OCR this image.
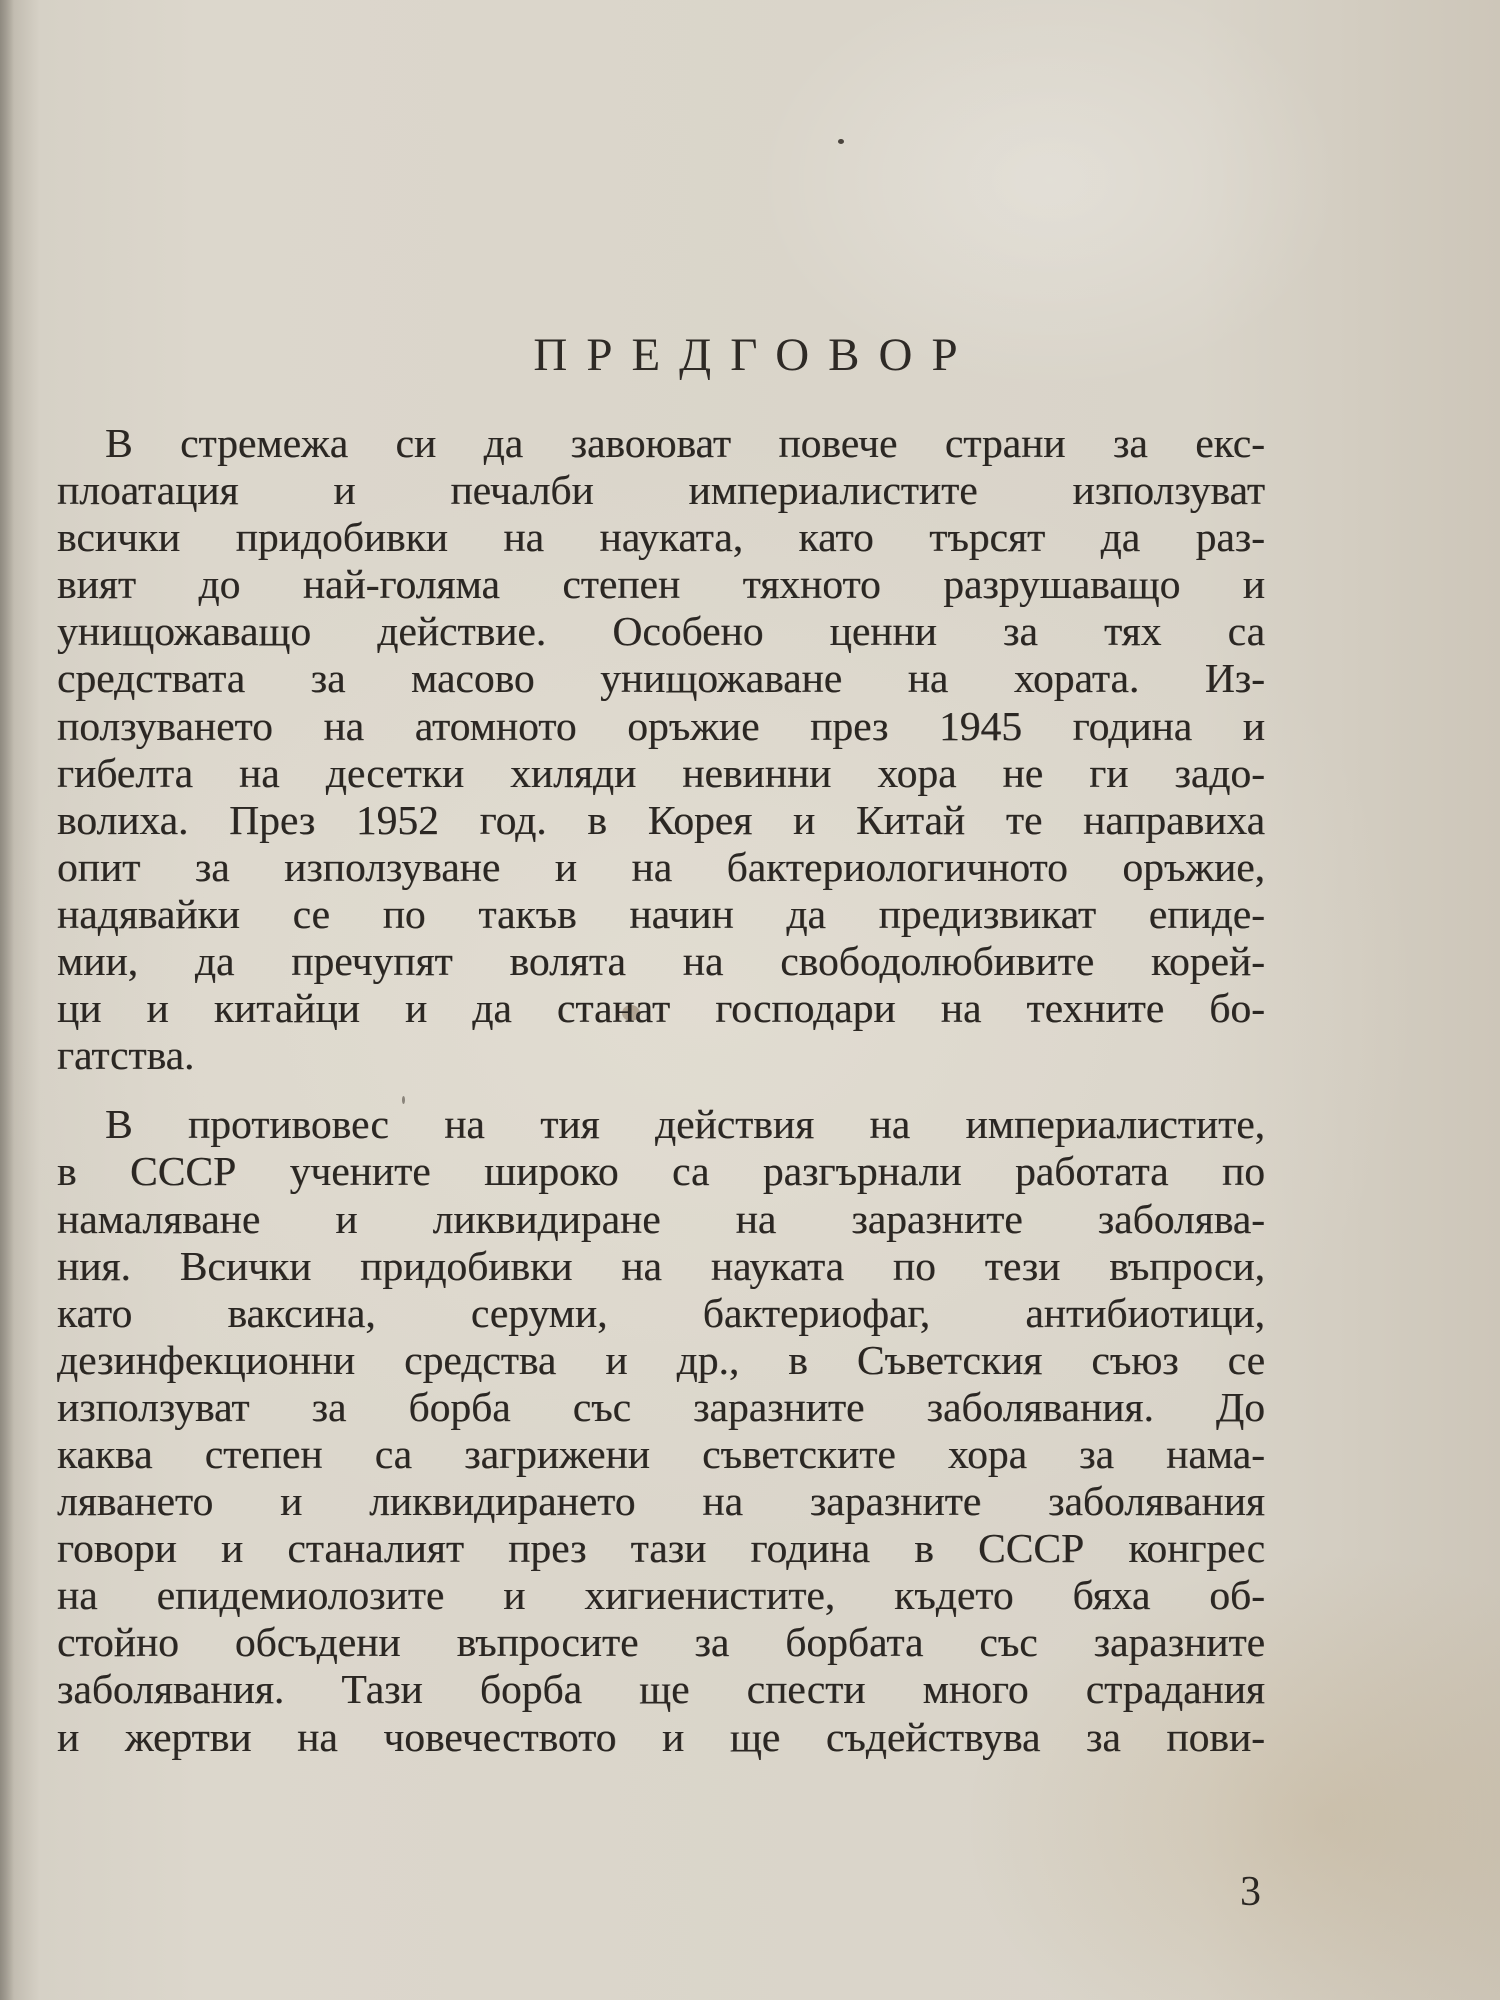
ПРЕДГОВОР
В стремежа си да завоюват повече страни за екс-
плоатация и печалби империалистите използуват
всички придобивки на науката, като търсят да раз-
вият до най-голяма степен тяхното разрушаващо и
унищожаващо действие. Особено ценни за тях са
средствата за масово унищожаване на хората. Из-
ползуването на атомното оръжие през 1945 година и
гибелта на десетки хиляди невинни хора не ги задо-
волиха. През 1952 год. в Корея и Китай те направиха
опит за използуване и на бактериологичното оръжие,
надявайки се по такъв начин да предизвикат епиде-
мии, да пречупят волята на свободолюбивите корей-
ци и китайци и да станат господари на техните бо-
гатства.
В противовес на тия действия на империалистите,
в СССР учените широко са разгърнали работата по
намаляване и ликвидиране на заразните заболява-
ния. Всички придобивки на науката по тези въпроси,
като ваксина, серуми, бактериофаг, антибиотици,
дезинфекционни средства и др., в Съветския съюз се
използуват за борба със заразните заболявания. До
каква степен са загрижени съветските хора за нама-
ляването и ликвидирането на заразните заболявания
говори и станалият през тази година в СССР конгрес
на епидемиолозите и хигиенистите, където бяха об-
стойно обсъдени въпросите за борбата със заразните
заболявания. Тази борба ще спести много страдания
и жертви на човечеството и ще съдействува за пови-
3
